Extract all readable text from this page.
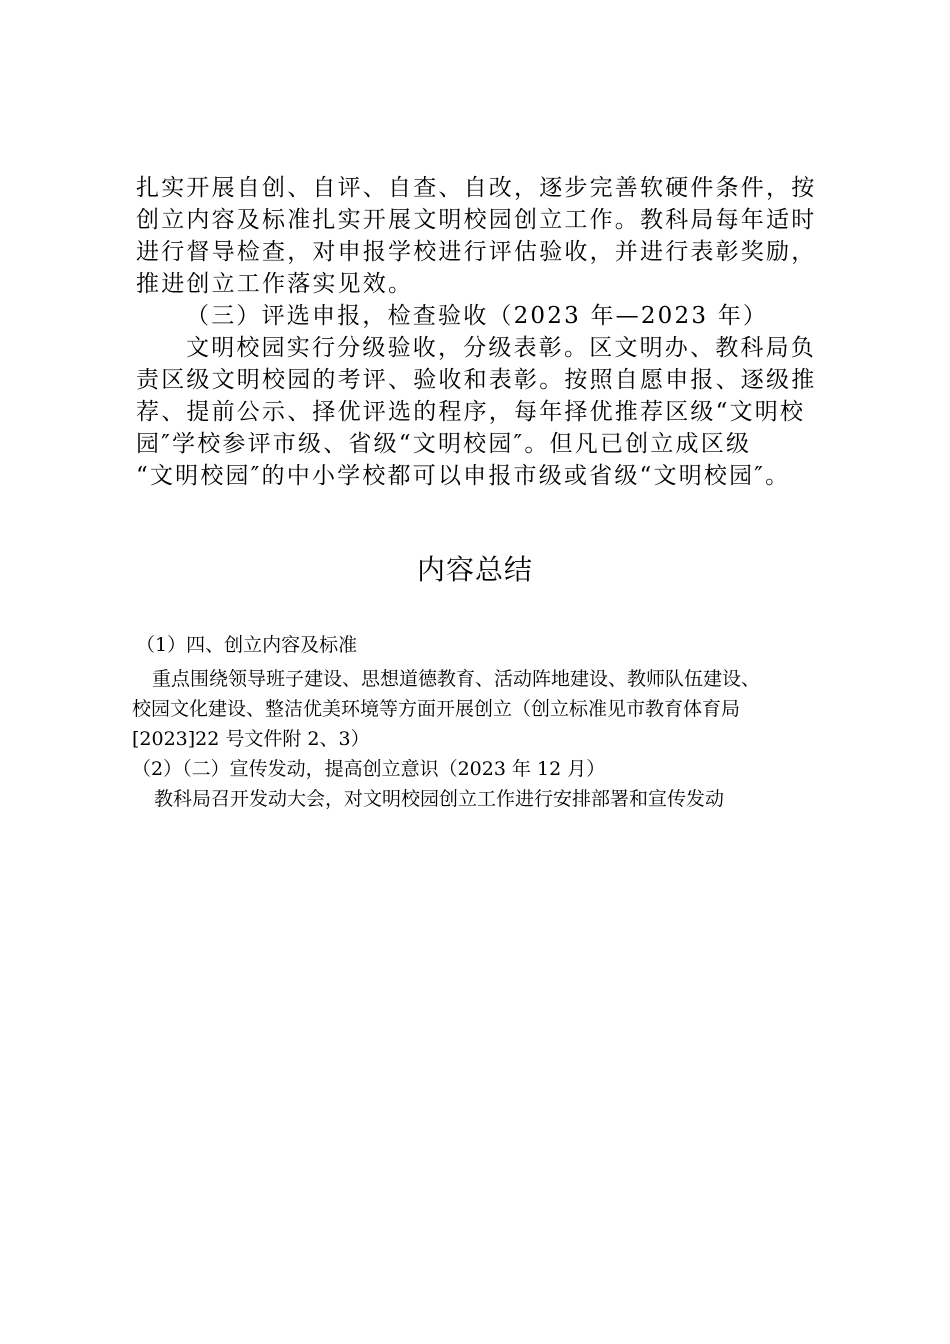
扎实开展自创、自评、自查、自改，逐步完善软硬件条件，按

创立内容及标准扎实开展文明校园创立工作。教科局每年适时

进行督导检查，对申报学校进行评估验收，并进行表彰奖励，

推进创立工作落实见效。

（三）评选申报，检查验收（2023 年—2023 年）

文明校园实行分级验收，分级表彰。区文明办、教科局负

责区级文明校园的考评、验收和表彰。按照自愿申报、逐级推

荐、提前公示、择优评选的程序，每年择优推荐区级“文明校

园″学校参评市级、省级“文明校园″。但凡已创立成区级

“文明校园″的中小学校都可以申报市级或省级“文明校园″。

内容总结

（1）四、创立内容及标准

重点围绕领导班子建设、思想道德教育、活动阵地建设、教师队伍建设、

校园文化建设、整洁优美环境等方面开展创立（创立标准见市教育体育局

[2023]22 号文件附 2、3）

（2）（二）宣传发动，提高创立意识（2023 年 12 月）

教科局召开发动大会，对文明校园创立工作进行安排部署和宣传发动
